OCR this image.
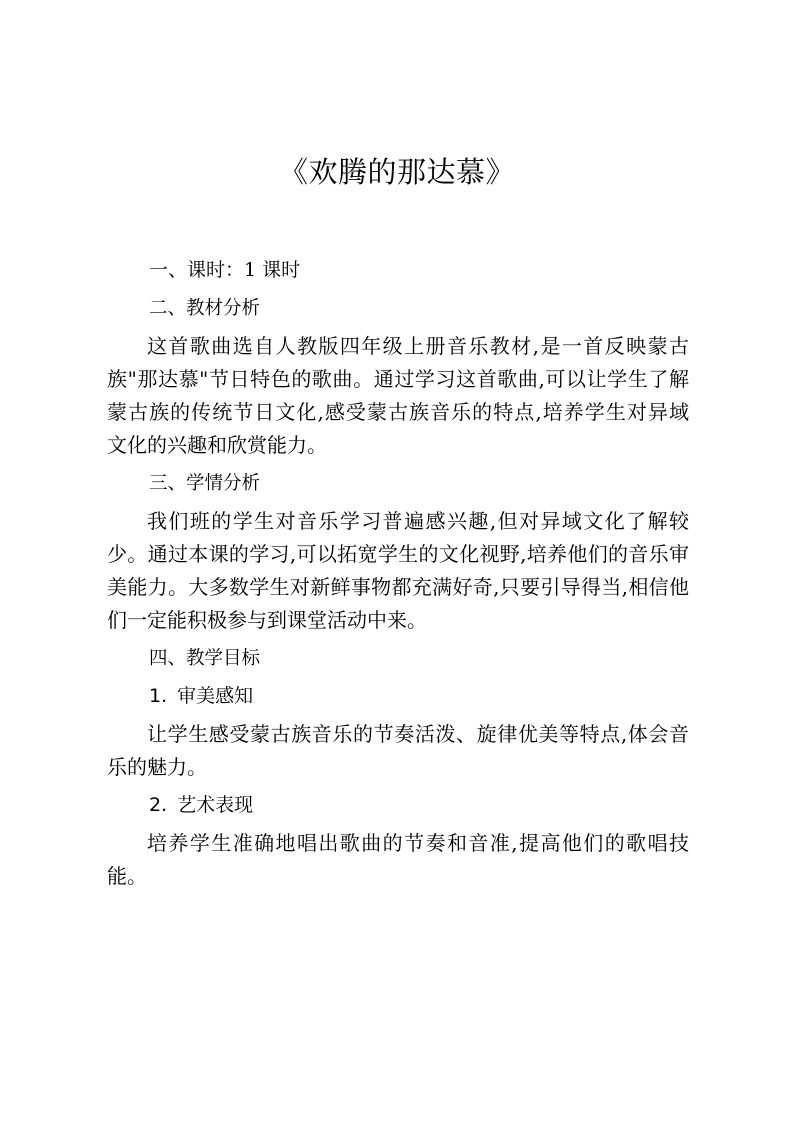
《欢腾的那达慕》

一、课时：1 课时

二、教材分析

这首歌曲选自人教版四年级上册音乐教材,是一首反映蒙古

族"那达慕"节日特色的歌曲。通过学习这首歌曲,可以让学生了解

蒙古族的传统节日文化,感受蒙古族音乐的特点,培养学生对异域

文化的兴趣和欣赏能力。

三、学情分析

我们班的学生对音乐学习普遍感兴趣,但对异域文化了解较

少。通过本课的学习,可以拓宽学生的文化视野,培养他们的音乐审

美能力。大多数学生对新鲜事物都充满好奇,只要引导得当,相信他

们一定能积极参与到课堂活动中来。

四、教学目标

1. 审美感知

让学生感受蒙古族音乐的节奏活泼、旋律优美等特点,体会音

乐的魅力。

2. 艺术表现

培养学生准确地唱出歌曲的节奏和音准,提高他们的歌唱技

能。
